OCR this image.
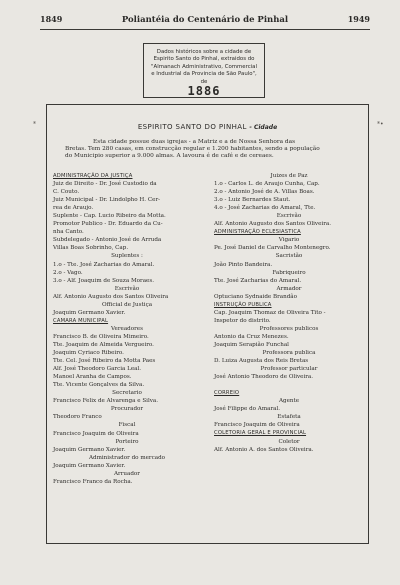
1849	Poliantéia do Centenário de Pinhal	1949
Dados históricos sobre a cidade de Espirito Santo do Pinhal, extraidos do "Almanach Administrativo, Commercial e Industrial da Provincia de São Paulo", de
1886
*	*•
ESPIRITO SANTO DO PINHAL - Cidade
Esta cidade possue duas igrejas - a Matriz e a de Nossa Senhora das
Bretas. Tem 280 casas, em construcção regular e 1.200 habitantes, sendo a população
do Municipio superior a 9.000 almas. A lavoura é de café e de cereaes.
ADMINISTRAÇÃO DA JUSTIÇA
Juiz de Direito - Dr. José Custodio da
C. Couto.
Juiz Municipal - Dr. Lindolpho H. Cer-
rea de Araujo.
Suplente - Cap. Lucio Ribeiro da Motta.
Promotor Publico - Dr. Eduardo da Cu-
nha Canto.
Subdelegado - Antonio José de Arruda
Villas Boas Sobrinho, Cap.
Suplentes :
1.o - Tte. José Zacharias do Amaral.
2.o - Vago.
3.o - Alf. Joaquim de Souza Moraes.
Escrivão
Alf. Antonio Augusto dos Santos Oliveira
Official de Justiça
Joaquim Germano Xavier.
CAMARA MUNICIPAL
Vereadores
Francisco B. de Oliveira Mimeiro.
Tte. Joaquim de Almeida Vergueiro.
Joaquim Cyriaco Ribeiro.
Tte. Cel. José Ribeiro da Motta Paes
Alf. José Theodoro Garcia Leal.
Manoel Aranha de Campos.
Tte. Vicente Gonçalves da Silva.
Secretario
Francisco Felix de Alvarenga e Silva.
Procurador
Theodoro Franco
Fiscal
Francisco Joaquim de Oliveira
Porteiro
Joaquim Germano Xavier.
Administrador do mercado
Joaquim Germano Xavier.
Arruador
Francisco Franco da Rocha.
Juizes de Paz
1.o - Carlos L. de Araujo Cunha, Cap.
2.o - Antonio José de A. Villas Boas.
3.o - Luiz Bernardes Staut.
4.o - José Zacharias do Amaral, Tte.
Escrivão
Alf. Antonio Augusto dos Santos Oliveira.
ADMINISTRAÇÃO ECLESIASTICA
Vigario
Pe. José Daniel de Carvalho Montenegro.
Sacristão
João Pinto Bandeira.
Fabriqueiro
Tte. José Zacharias do Amaral.
Armador
Optuciano Sydnaide Brandão
INSTRUÇÃO PUBLICA
Cap. Joaquim Thomaz de Oliveira Tito -
Inspetor do distrito.
Professores publicos
Antonio da Cruz Menezes.
Joaquim Serapião Funchal
Professora publica
D. Luiza Augusta dos Reis Bretas
Professor particular
José Antonio Theodoro de Oliveira.
CORREIO
Agente
José Filippe do Amaral.
Estafeta
Francisco Joaquim de Oliveira
COLETORIA GERAL E PROVINCIAL
Coletor
Alf. Antonio A. dos Santos Oliveira.
